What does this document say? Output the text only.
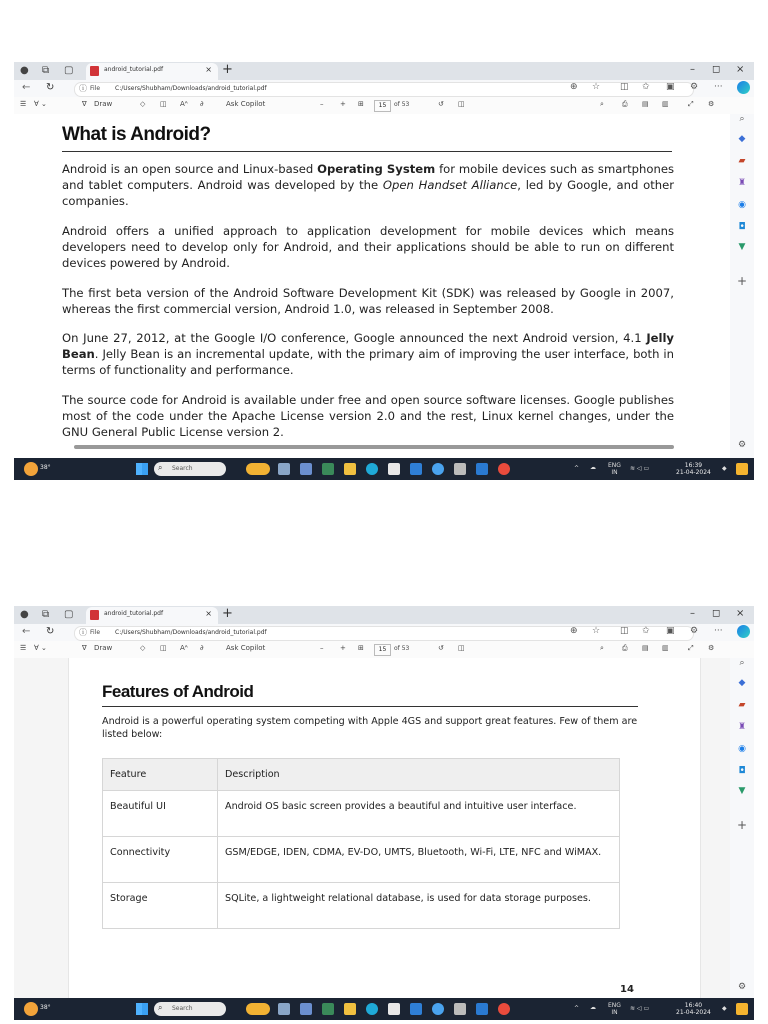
● ⧉ ▢	android_tutorial.pdf	× +	– ◻ ×
← ↻	ⓘ File C:/Users/Shubham/Downloads/android_tutorial.pdf	⊕ ☆ ◫ ✩ ▣ ⚙ ···
☰ ∀ ⌄	∇ Draw	◇ ◫ Aᴬ ∂	Ask Copilot	– + ⊞	15	of 53	↺ ◫	⌕	⎙ ▤ ▥	⤢ ⚙
⌕
◆
▰
♜
◉
◘
▼
+
⚙
What is Android?

Android is an open source and Linux-based Operating System for mobile devices such as smartphones and tablet computers. Android was developed by the Open Handset Alliance, led by Google, and other companies.

Android offers a unified approach to application development for mobile devices which means developers need to develop only for Android, and their applications should be able to run on different devices powered by Android.

The first beta version of the Android Software Development Kit (SDK) was released by Google in 2007, whereas the first commercial version, Android 1.0, was released in September 2008.

On June 27, 2012, at the Google I/O conference, Google announced the next Android version, 4.1 Jelly Bean. Jelly Bean is an incremental update, with the primary aim of improving the user interface, both in terms of functionality and performance.

The source code for Android is available under free and open source software licenses. Google publishes most of the code under the Apache License version 2.0 and the rest, Linux kernel changes, under the GNU General Public License version 2.

38°	⌕ Search	^ ☁ ENG
IN
≋ ◁ ▭	16:39
21-04-2024
◆
● ⧉ ▢	android_tutorial.pdf	× +	– ◻ ×
← ↻	ⓘ File C:/Users/Shubham/Downloads/android_tutorial.pdf	⊕ ☆ ◫ ✩ ▣ ⚙ ···
☰ ∀ ⌄	∇ Draw	◇ ◫ Aᴬ ∂	Ask Copilot	– + ⊞	15	of 53	↺ ◫	⌕	⎙ ▤ ▥	⤢ ⚙
⌕
◆
▰
♜
◉
◘
▼
+
⚙
Features of Android

Android is a powerful operating system competing with Apple 4GS and support great features. Few of them are listed below:

Feature	Description
Beautiful UI	Android OS basic screen provides a beautiful and intuitive user interface.
Connectivity	GSM/EDGE, IDEN, CDMA, EV-DO, UMTS, Bluetooth, Wi-Fi, LTE, NFC and WiMAX.
Storage	SQLite, a lightweight relational database, is used for data storage purposes.
14
38°	⌕ Search	^ ☁ ENG
IN
≋ ◁ ▭	16:40
21-04-2024
◆
